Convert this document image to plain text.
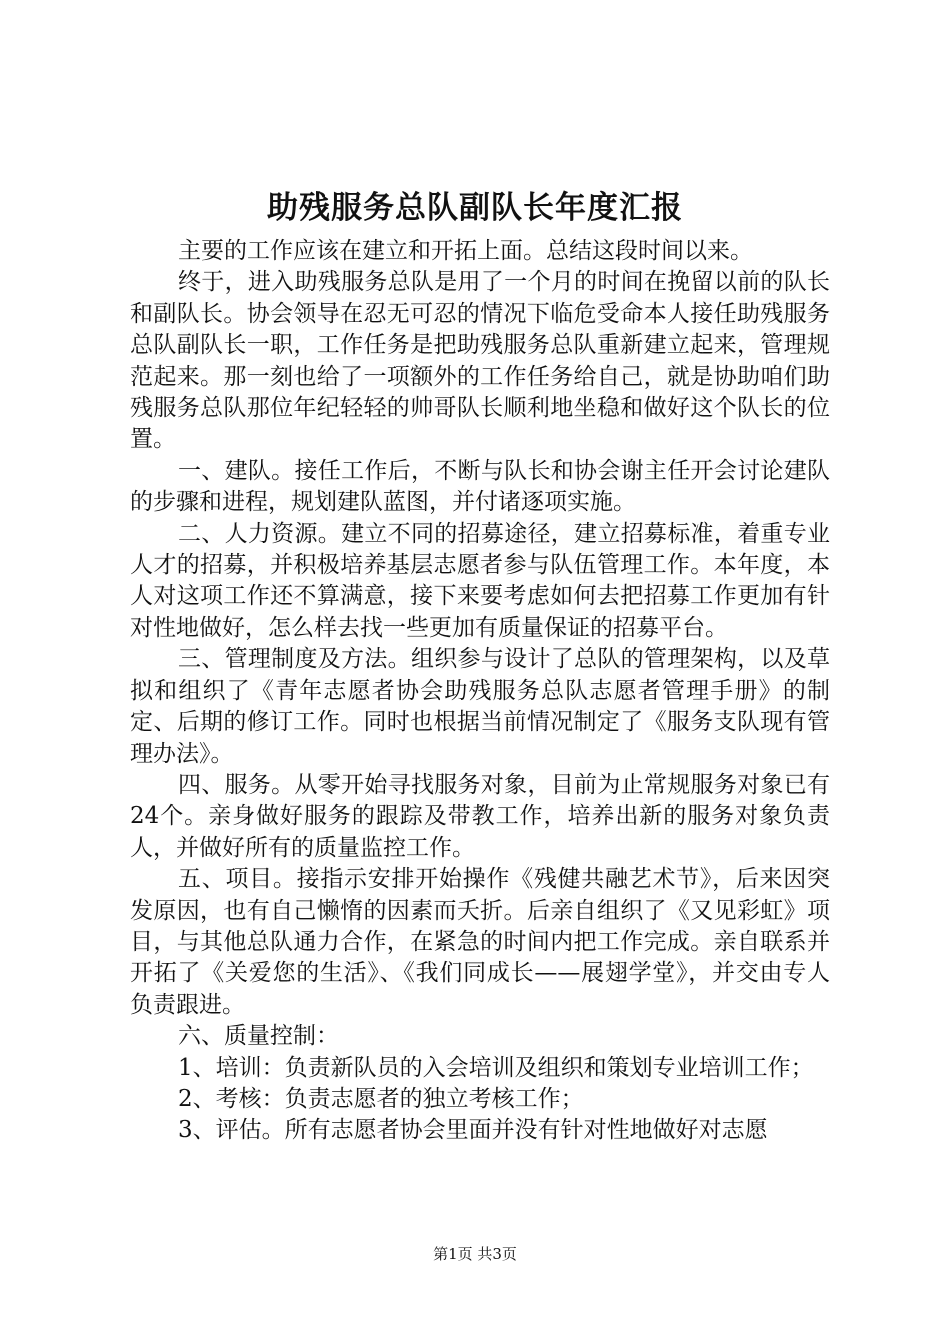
助残服务总队副队长年度汇报

主要的工作应该在建立和开拓上面。总结这段时间以来。

终于，进入助残服务总队是用了一个月的时间在挽留以前的队长和副队长。协会领导在忍无可忍的情况下临危受命本人接任助残服务总队副队长一职，工作任务是把助残服务总队重新建立起来，管理规范起来。那一刻也给了一项额外的工作任务给自己，就是协助咱们助残服务总队那位年纪轻轻的帅哥队长顺利地坐稳和做好这个队长的位置。

一、建队。接任工作后，不断与队长和协会谢主任开会讨论建队的步骤和进程，规划建队蓝图，并付诸逐项实施。

二、人力资源。建立不同的招募途径，建立招募标准，着重专业人才的招募，并积极培养基层志愿者参与队伍管理工作。本年度，本人对这项工作还不算满意，接下来要考虑如何去把招募工作更加有针对性地做好，怎么样去找一些更加有质量保证的招募平台。

三、管理制度及方法。组织参与设计了总队的管理架构，以及草拟和组织了《青年志愿者协会助残服务总队志愿者管理手册》的制定、后期的修订工作。同时也根据当前情况制定了《服务支队现有管理办法》。

四、服务。从零开始寻找服务对象，目前为止常规服务对象已有24个。亲身做好服务的跟踪及带教工作，培养出新的服务对象负责人，并做好所有的质量监控工作。

五、项目。接指示安排开始操作《残健共融艺术节》，后来因突发原因，也有自己懒惰的因素而夭折。后亲自组织了《又见彩虹》项目，与其他总队通力合作，在紧急的时间内把工作完成。亲自联系并开拓了《关爱您的生活》、《我们同成长——展翅学堂》，并交由专人负责跟进。

六、质量控制：

1、培训：负责新队员的入会培训及组织和策划专业培训工作；

2、考核：负责志愿者的独立考核工作；

3、评估。所有志愿者协会里面并没有针对性地做好对志愿

第1页 共3页
